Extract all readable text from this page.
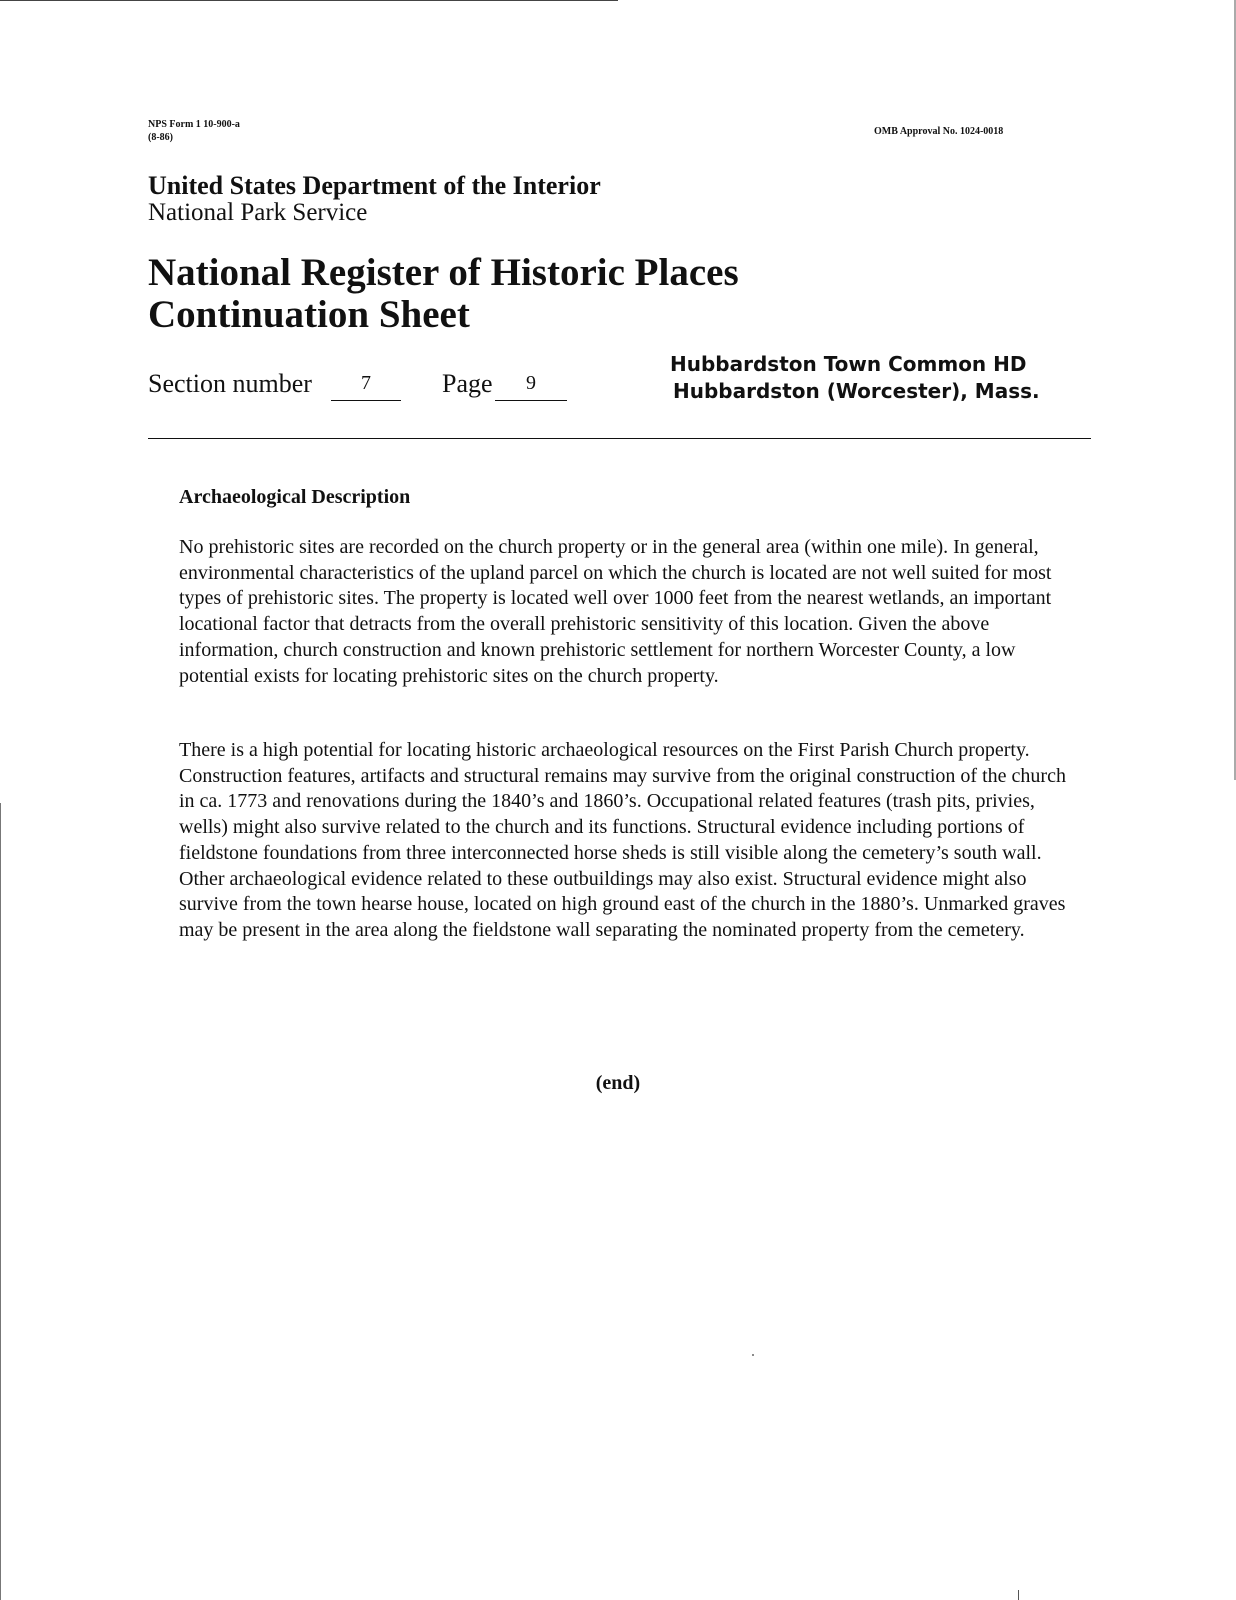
NPS Form 1 10-900-a
(8-86)
OMB Approval No. 1024-0018
United States Department of the Interior
National Park Service
National Register of Historic Places
Continuation Sheet
Section number	7	Page	9
Hubbardston Town Common HD
Hubbardston (Worcester), Mass.
Archaeological Description
No prehistoric sites are recorded on the church property or in the general area (within one mile). In general, environmental characteristics of the upland parcel on which the church is located are not well suited for most types of prehistoric sites. The property is located well over 1000 feet from the nearest wetlands, an important locational factor that detracts from the overall prehistoric sensitivity of this location. Given the above information, church construction and known prehistoric settlement for northern Worcester County, a low potential exists for locating prehistoric sites on the church property.
There is a high potential for locating historic archaeological resources on the First Parish Church property. Construction features, artifacts and structural remains may survive from the original construction of the church in ca. 1773 and renovations during the 1840’s and 1860’s. Occupational related features (trash pits, privies, wells) might also survive related to the church and its functions. Structural evidence including portions of fieldstone foundations from three interconnected horse sheds is still visible along the cemetery’s south wall. Other archaeological evidence related to these outbuildings may also exist. Structural evidence might also survive from the town hearse house, located on high ground east of the church in the 1880’s. Unmarked graves may be present in the area along the fieldstone wall separating the nominated property from the cemetery.
(end)
